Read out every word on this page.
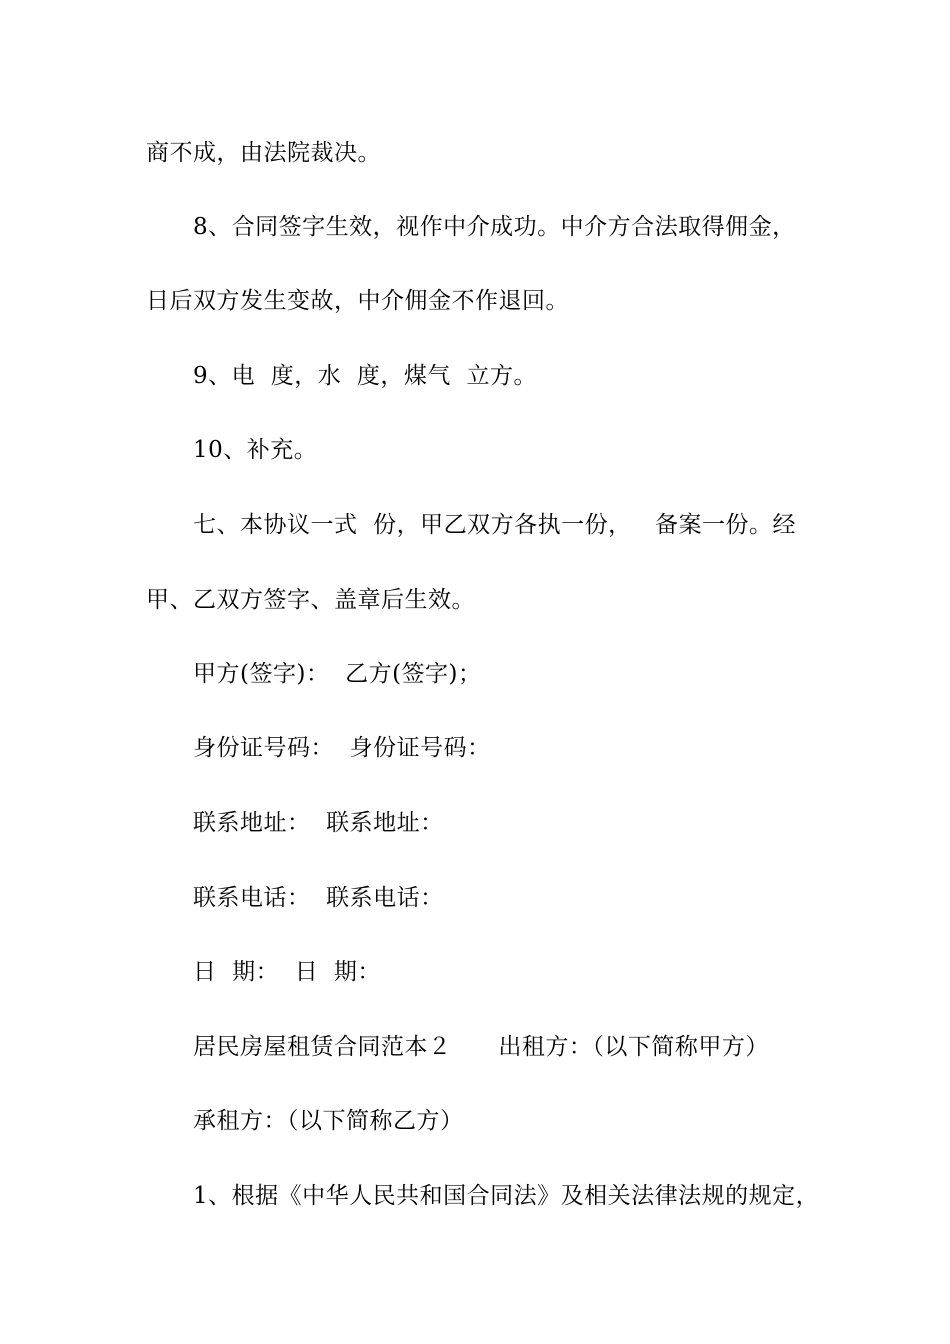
商不成，由法院裁决。
8、合同签字生效，视作中介成功。中介方合法取得佣金，
日后双方发生变故，中介佣金不作退回。
9、电  度，水  度，煤气  立方。
10、补充。
七、本协议一式  份，甲乙双方各执一份，   备案一份。经
甲、乙双方签字、盖章后生效。
甲方(签字)：  乙方(签字)；
身份证号码：  身份证号码：
联系地址：  联系地址：
联系电话：  联系电话：
日  期：  日  期：
居民房屋租赁合同范本２      出租方：（以下简称甲方）
承租方：（以下简称乙方）
1、根据《中华人民共和国合同法》及相关法律法规的规定，
